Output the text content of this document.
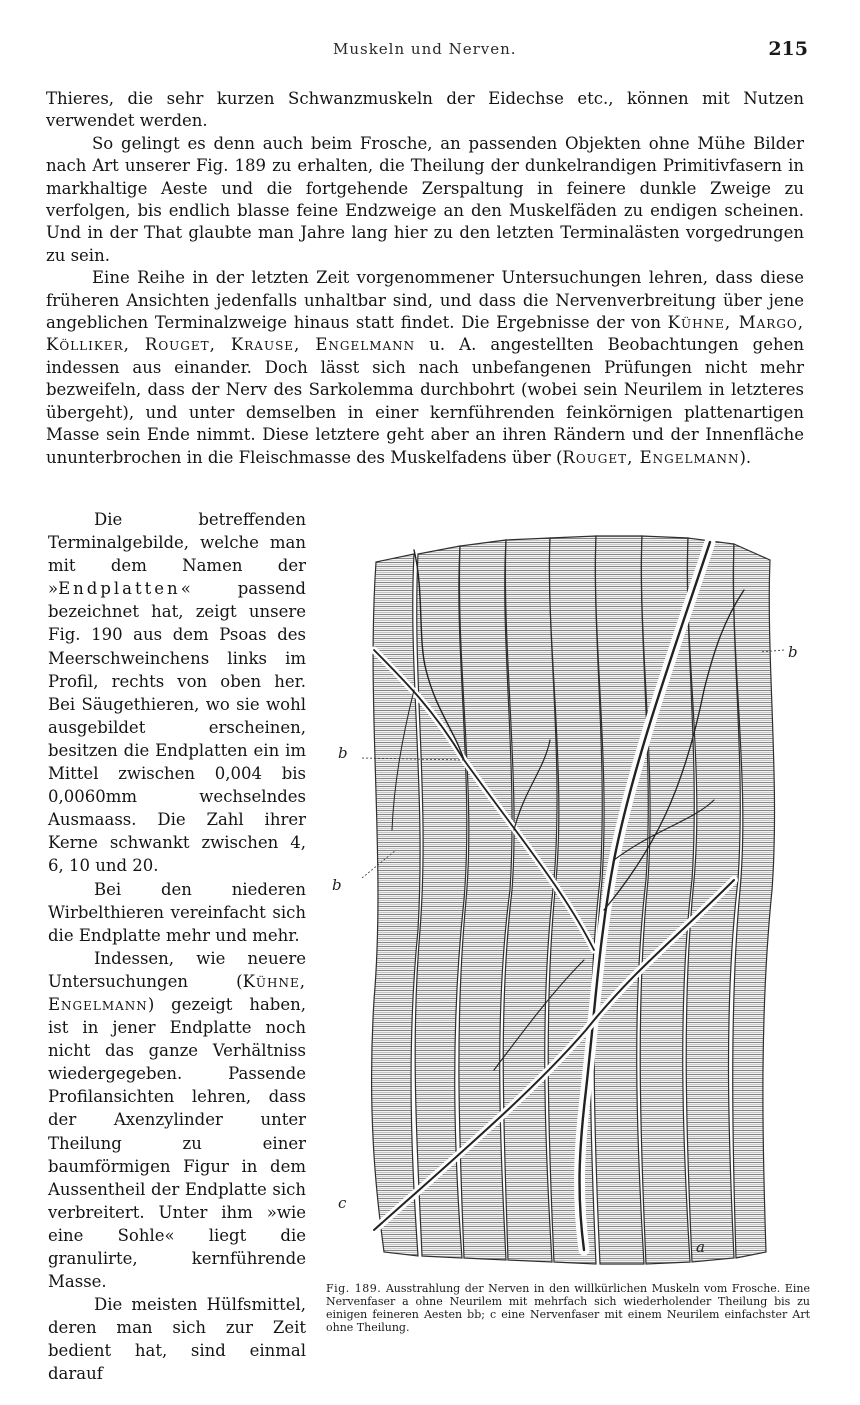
Muskeln und Nerven.	215

Thieres, die sehr kurzen Schwanzmuskeln der Eidechse etc., können mit Nutzen verwendet werden.

So gelingt es denn auch beim Frosche, an passenden Objekten ohne Mühe Bilder nach Art unserer Fig. 189 zu erhalten, die Theilung der dunkelrandigen Primitivfasern in markhaltige Aeste und die fortgehende Zerspaltung in feinere dunkle Zweige zu verfolgen, bis endlich blasse feine Endzweige an den Muskelfäden zu endigen scheinen. Und in der That glaubte man Jahre lang hier zu den letzten Terminalästen vorgedrungen zu sein.

Eine Reihe in der letzten Zeit vorgenommener Untersuchungen lehren, dass diese früheren Ansichten jedenfalls unhaltbar sind, und dass die Nervenverbreitung über jene angeblichen Terminalzweige hinaus statt findet. Die Ergebnisse der von Kühne, Margo, Kölliker, Rouget, Krause, Engelmann u. A. angestellten Beobachtungen gehen indessen aus einander. Doch lässt sich nach unbefangenen Prüfungen nicht mehr bezweifeln, dass der Nerv des Sarkolemma durchbohrt (wobei sein Neurilem in letzteres übergeht), und unter demselben in einer kernführenden feinkörnigen plattenartigen Masse sein Ende nimmt. Diese letztere geht aber an ihren Rändern und der Innenfläche ununterbrochen in die Fleischmasse des Muskelfadens über (Rouget, Engelmann).

Die betreffenden Terminalgebilde, welche man mit dem Namen der »Endplatten« passend bezeichnet hat, zeigt unsere Fig. 190 aus dem Psoas des Meerschweinchens links im Profil, rechts von oben her. Bei Säugethieren, wo sie wohl ausgebildet erscheinen, besitzen die Endplatten ein im Mittel zwischen 0,004 bis 0,0060mm wechselndes Ausmaass. Die Zahl ihrer Kerne schwankt zwischen 4, 6, 10 und 20.

Bei den niederen Wirbelthieren vereinfacht sich die Endplatte mehr und mehr.

Indessen, wie neuere Untersuchungen (Kühne, Engelmann) gezeigt haben, ist in jener Endplatte noch nicht das ganze Verhältniss wiedergegeben. Passende Profilansichten lehren, dass der Axenzylinder unter Theilung zu einer baumförmigen Figur in dem Aussentheil der Endplatte sich verbreitert. Unter ihm »wie eine Sohle« liegt die granulirte, kernführende Masse.

Die meisten Hülfsmittel, deren man sich zur Zeit bedient hat, sind einmal darauf

b
b
b
c
a
Fig. 189. Ausstrahlung der Nerven in den willkürlichen Muskeln vom Frosche. Eine Nervenfaser a ohne Neurilem mit mehrfach sich wiederholender Theilung bis zu einigen feineren Aesten bb; c eine Nervenfaser mit einem Neurilem einfachster Art ohne Theilung.
